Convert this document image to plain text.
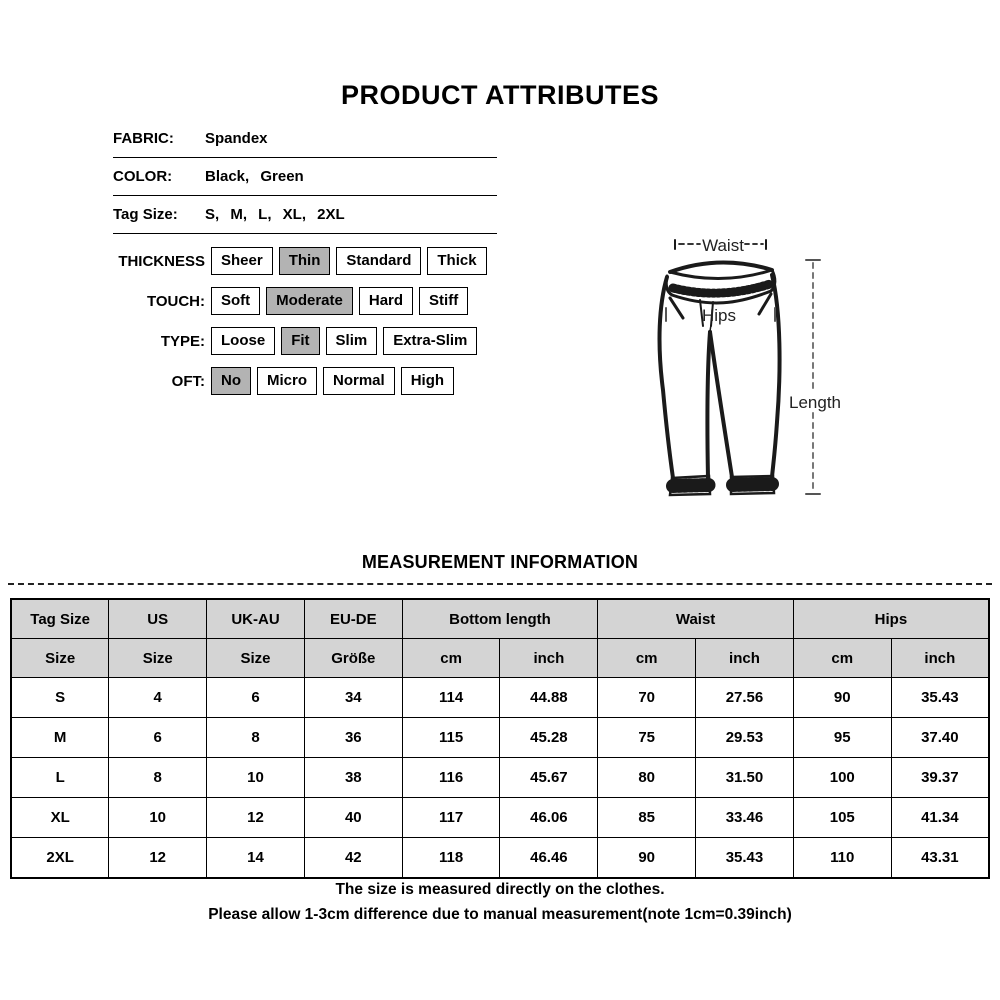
PRODUCT ATTRIBUTES
FABRIC:	Spandex
COLOR:	Black, Green
Tag Size:	S, M, L, XL, 2XL
THICKNESS	Sheer	Thin	Standard	Thick
TOUCH:	Soft	Moderate	Hard	Stiff
TYPE:	Loose	Fit	Slim	Extra-Slim
OFT:	No	Micro	Normal	High
Waist
Hips
Length
MEASUREMENT INFORMATION
Tag Size	US	UK-AU	EU-DE	Bottom length		Waist		Hips	
Size	Size	Size	Größe	cm	inch	cm	inch	cm	inch
S	4	6	34	114	44.88	70	27.56	90	35.43
M	6	8	36	115	45.28	75	29.53	95	37.40
L	8	10	38	116	45.67	80	31.50	100	39.37
XL	10	12	40	117	46.06	85	33.46	105	41.34
2XL	12	14	42	118	46.46	90	35.43	110	43.31
The size is measured directly on the clothes.
Please allow 1-3cm difference due to manual measurement(note 1cm=0.39inch)
